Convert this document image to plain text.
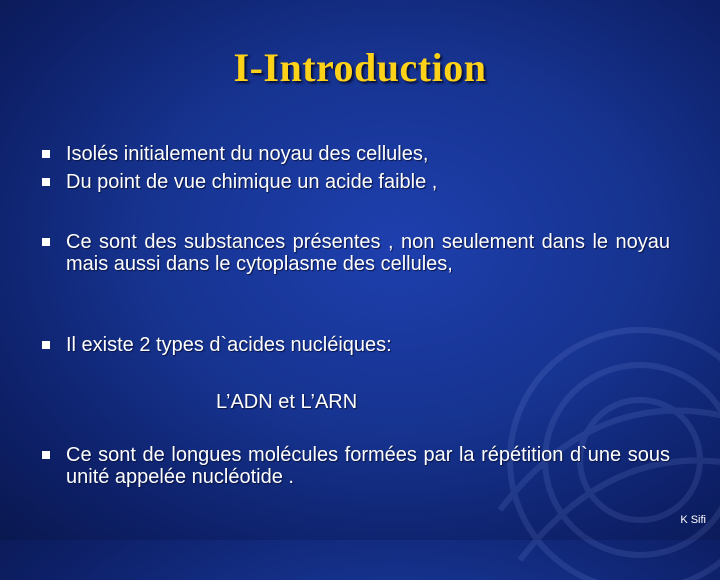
I-Introduction
Isolés initialement du noyau des cellules,
Du point de vue chimique un acide faible ,
Ce sont des substances présentes , non seulement dans le noyau mais aussi dans le cytoplasme des cellules,
Il existe 2 types d`acides nucléiques:
L’ADN et L’ARN
Ce sont de longues molécules formées par la répétition d`une sous unité appelée nucléotide .
K Sifi
